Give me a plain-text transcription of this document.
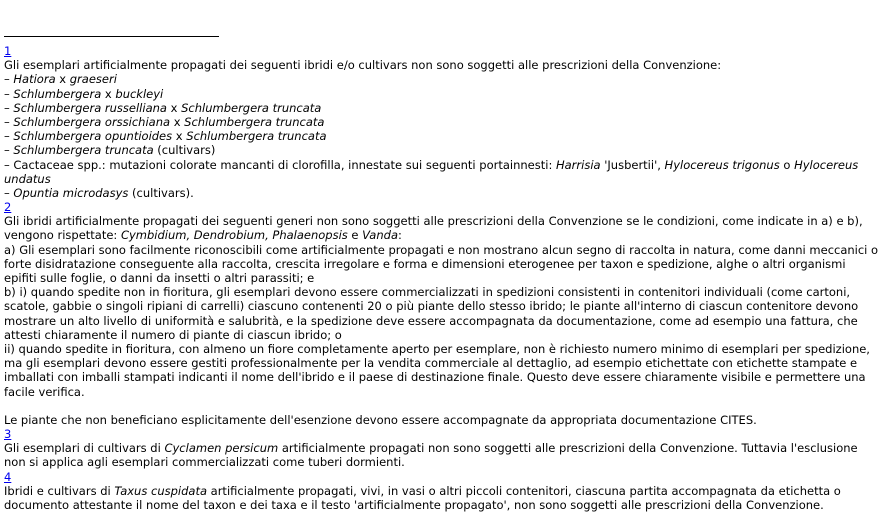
1
Gli esemplari artificialmente propagati dei seguenti ibridi e/o cultivars non sono soggetti alle prescrizioni della Convenzione:
– Hatiora x graeseri
– Schlumbergera x buckleyi
– Schlumbergera russelliana x Schlumbergera truncata
– Schlumbergera orssichiana x Schlumbergera truncata
– Schlumbergera opuntioides x Schlumbergera truncata
– Schlumbergera truncata (cultivars)
– Cactaceae spp.: mutazioni colorate mancanti di clorofilla, innestate sui seguenti portainnesti: Harrisia 'Jusbertii', Hylocereus trigonus o Hylocereus
undatus
– Opuntia microdasys (cultivars).
2
Gli ibridi artificialmente propagati dei seguenti generi non sono soggetti alle prescrizioni della Convenzione se le condizioni, come indicate in a) e b),
vengono rispettate: Cymbidium, Dendrobium, Phalaenopsis e Vanda:
a) Gli esemplari sono facilmente riconoscibili come artificialmente propagati e non mostrano alcun segno di raccolta in natura, come danni meccanici o
forte disidratazione conseguente alla raccolta, crescita irregolare e forma e dimensioni eterogenee per taxon e spedizione, alghe o altri organismi
epifiti sulle foglie, o danni da insetti o altri parassiti; e
b) i) quando spedite non in fioritura, gli esemplari devono essere commercializzati in spedizioni consistenti in contenitori individuali (come cartoni,
scatole, gabbie o singoli ripiani di carrelli) ciascuno contenenti 20 o più piante dello stesso ibrido; le piante all'interno di ciascun contenitore devono
mostrare un alto livello di uniformità e salubrità, e la spedizione deve essere accompagnata da documentazione, come ad esempio una fattura, che
attesti chiaramente il numero di piante di ciascun ibrido; o
ii) quando spedite in fioritura, con almeno un fiore completamente aperto per esemplare, non è richiesto numero minimo di esemplari per spedizione,
ma gli esemplari devono essere gestiti professionalmente per la vendita commerciale al dettaglio, ad esempio etichettate con etichette stampate e
imballati con imballi stampati indicanti il nome dell'ibrido e il paese di destinazione finale. Questo deve essere chiaramente visibile e permettere una
facile verifica.
Le piante che non beneficiano esplicitamente dell'esenzione devono essere accompagnate da appropriata documentazione CITES.
3
Gli esemplari di cultivars di Cyclamen persicum artificialmente propagati non sono soggetti alle prescrizioni della Convenzione. Tuttavia l'esclusione
non si applica agli esemplari commercializzati come tuberi dormienti.
4
Ibridi e cultivars di Taxus cuspidata artificialmente propagati, vivi, in vasi o altri piccoli contenitori, ciascuna partita accompagnata da etichetta o
documento attestante il nome del taxon e dei taxa e il testo 'artificialmente propagato', non sono soggetti alle prescrizioni della Convenzione.
